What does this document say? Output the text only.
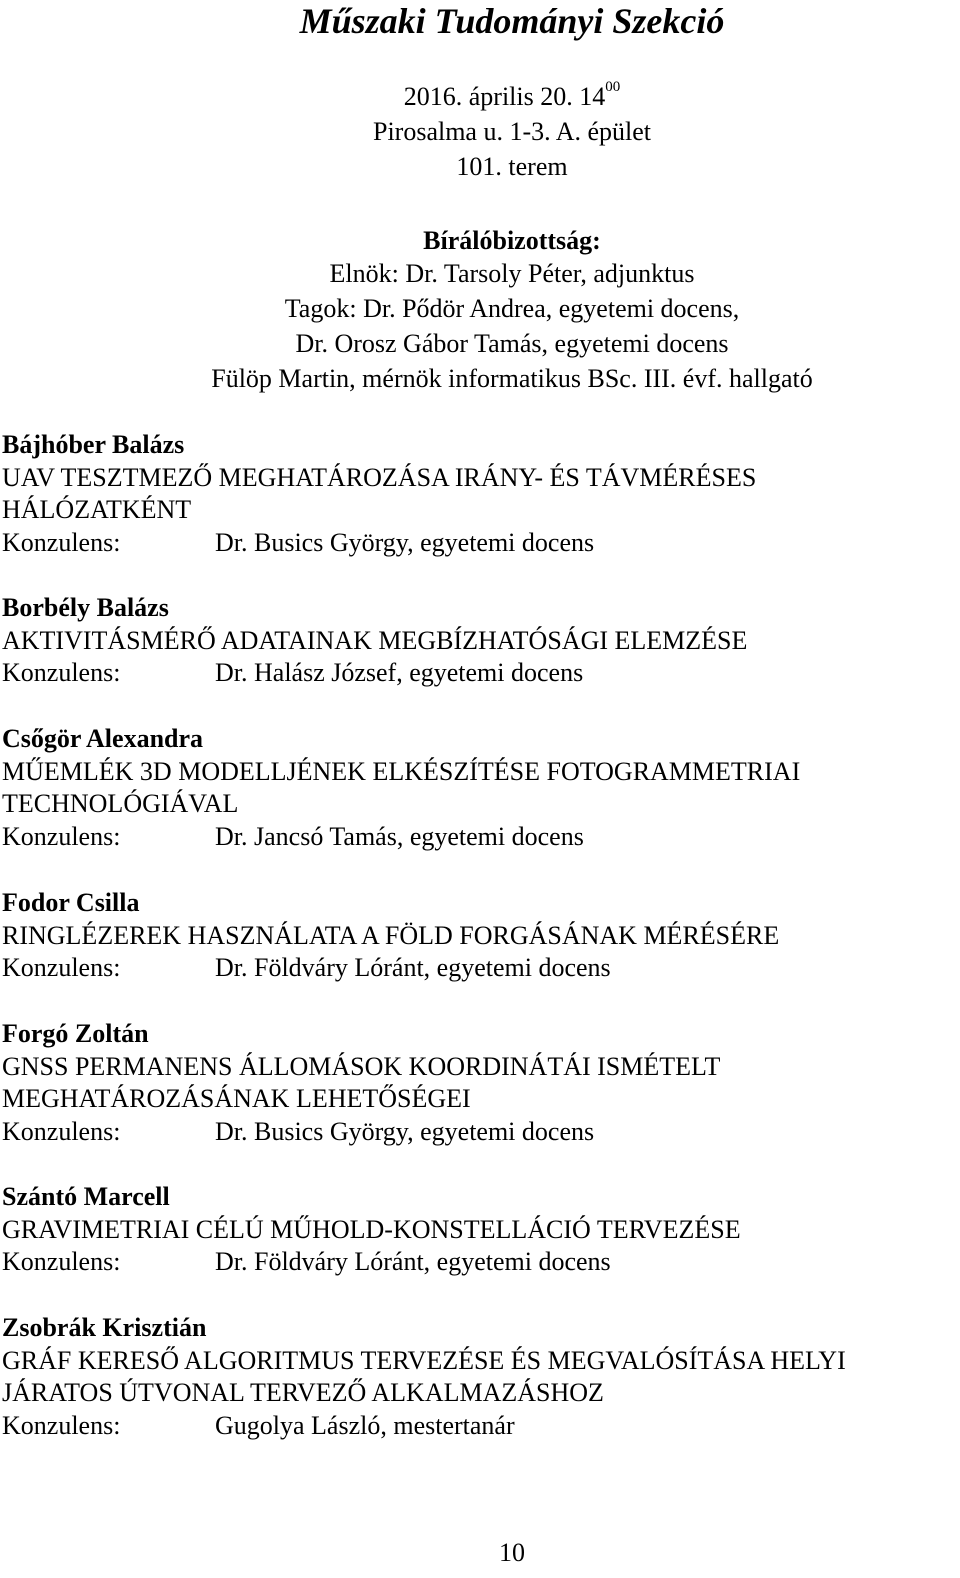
Műszaki Tudományi Szekció
2016. április 20. $14^{00}$
Pirosalma u. 1-3. A. épület
101. terem
Bírálóbizottság:
Elnök: Dr. Tarsoly Péter, adjunktus
Tagok: Dr. Pődör Andrea, egyetemi docens,
Dr. Orosz Gábor Tamás, egyetemi docens
Fülöp Martin, mérnök informatikus BSc. III. évf. hallgató
Bájhóber Balázs
UAV TESZTMEZŐ MEGHATÁROZÁSA IRÁNY- ÉS TÁVMÉRÉSES
HÁLÓZATKÉNT
Konzulens:	Dr. Busics György, egyetemi docens
Borbély Balázs
AKTIVITÁSMÉRŐ ADATAINAK MEGBÍZHATÓSÁGI ELEMZÉSE
Konzulens:	Dr. Halász József, egyetemi docens
Csőgör Alexandra
MŰEMLÉK 3D MODELLJÉNEK ELKÉSZÍTÉSE FOTOGRAMMETRIAI
TECHNOLÓGIÁVAL
Konzulens:	Dr. Jancsó Tamás, egyetemi docens
Fodor Csilla
RINGLÉZEREK HASZNÁLATA A FÖLD FORGÁSÁNAK MÉRÉSÉRE
Konzulens:	Dr. Földváry Lóránt, egyetemi docens
Forgó Zoltán
GNSS PERMANENS ÁLLOMÁSOK KOORDINÁTÁI ISMÉTELT
MEGHATÁROZÁSÁNAK LEHETŐSÉGEI
Konzulens:	Dr. Busics György, egyetemi docens
Szántó Marcell
GRAVIMETRIAI CÉLÚ MŰHOLD-KONSTELLÁCIÓ TERVEZÉSE
Konzulens:	Dr. Földváry Lóránt, egyetemi docens
Zsobrák Krisztián
GRÁF KERESŐ ALGORITMUS TERVEZÉSE ÉS MEGVALÓSÍTÁSA HELYI
JÁRATOS ÚTVONAL TERVEZŐ ALKALMAZÁSHOZ
Konzulens:	Gugolya László, mestertanár
10
